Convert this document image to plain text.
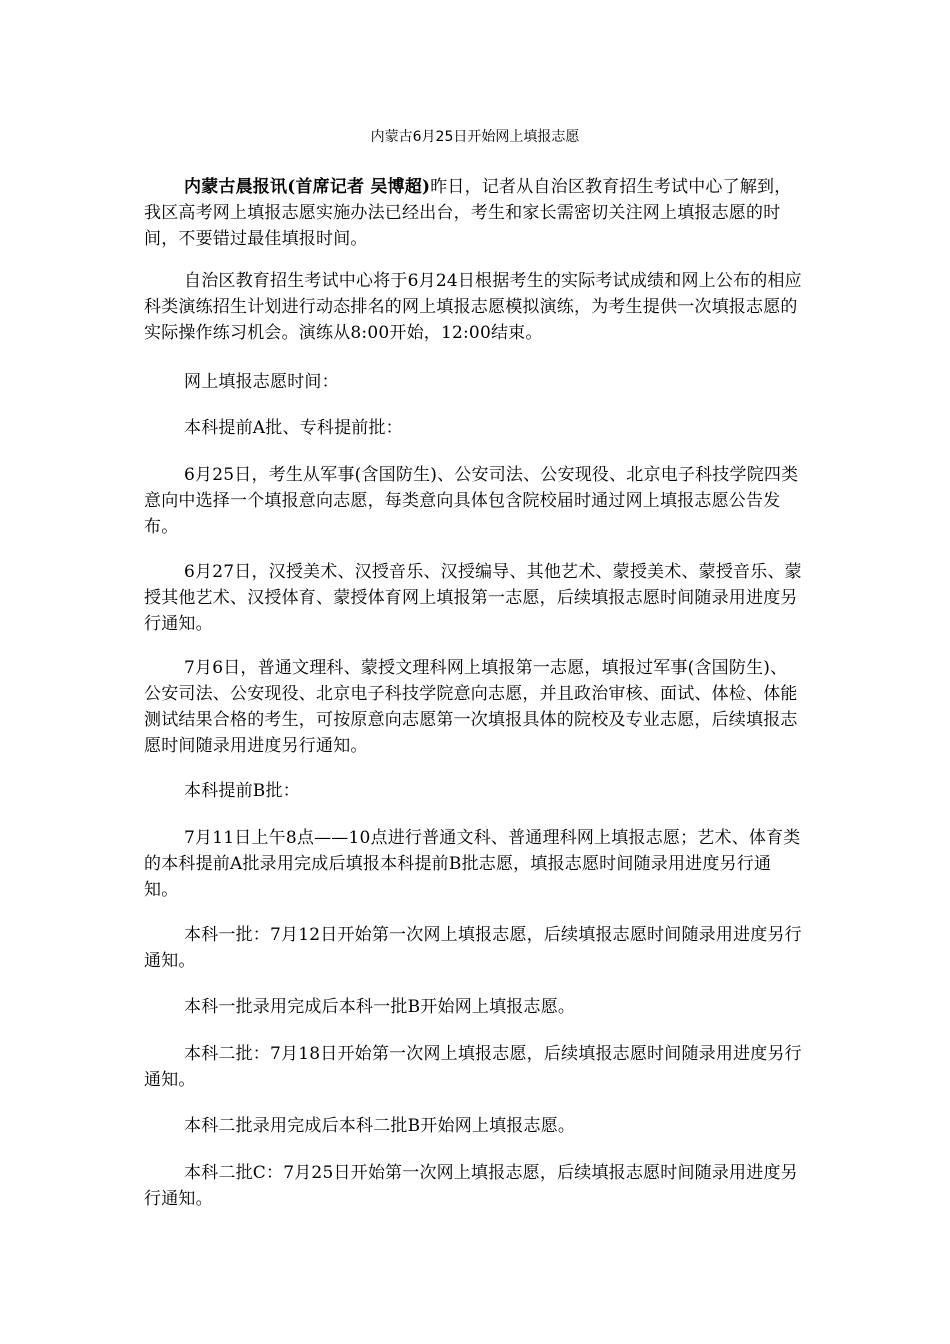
内蒙古6月25日开始网上填报志愿

内蒙古晨报讯(首席记者 吴博超)昨日，记者从自治区教育招生考试中心了解到，我区高考网上填报志愿实施办法已经出台，考生和家长需密切关注网上填报志愿的时间，不要错过最佳填报时间。

自治区教育招生考试中心将于6月24日根据考生的实际考试成绩和网上公布的相应科类演练招生计划进行动态排名的网上填报志愿模拟演练，为考生提供一次填报志愿的实际操作练习机会。演练从8:00开始，12:00结束。

网上填报志愿时间：

本科提前A批、专科提前批：

6月25日，考生从军事(含国防生)、公安司法、公安现役、北京电子科技学院四类意向中选择一个填报意向志愿，每类意向具体包含院校届时通过网上填报志愿公告发布。

6月27日，汉授美术、汉授音乐、汉授编导、其他艺术、蒙授美术、蒙授音乐、蒙授其他艺术、汉授体育、蒙授体育网上填报第一志愿，后续填报志愿时间随录用进度另行通知。

7月6日，普通文理科、蒙授文理科网上填报第一志愿，填报过军事(含国防生)、公安司法、公安现役、北京电子科技学院意向志愿，并且政治审核、面试、体检、体能测试结果合格的考生，可按原意向志愿第一次填报具体的院校及专业志愿，后续填报志愿时间随录用进度另行通知。

本科提前B批：

7月11日上午8点——10点进行普通文科、普通理科网上填报志愿；艺术、体育类的本科提前A批录用完成后填报本科提前B批志愿，填报志愿时间随录用进度另行通知。

本科一批：7月12日开始第一次网上填报志愿，后续填报志愿时间随录用进度另行通知。

本科一批录用完成后本科一批B开始网上填报志愿。

本科二批：7月18日开始第一次网上填报志愿，后续填报志愿时间随录用进度另行通知。

本科二批录用完成后本科二批B开始网上填报志愿。

本科二批C：7月25日开始第一次网上填报志愿，后续填报志愿时间随录用进度另行通知。
